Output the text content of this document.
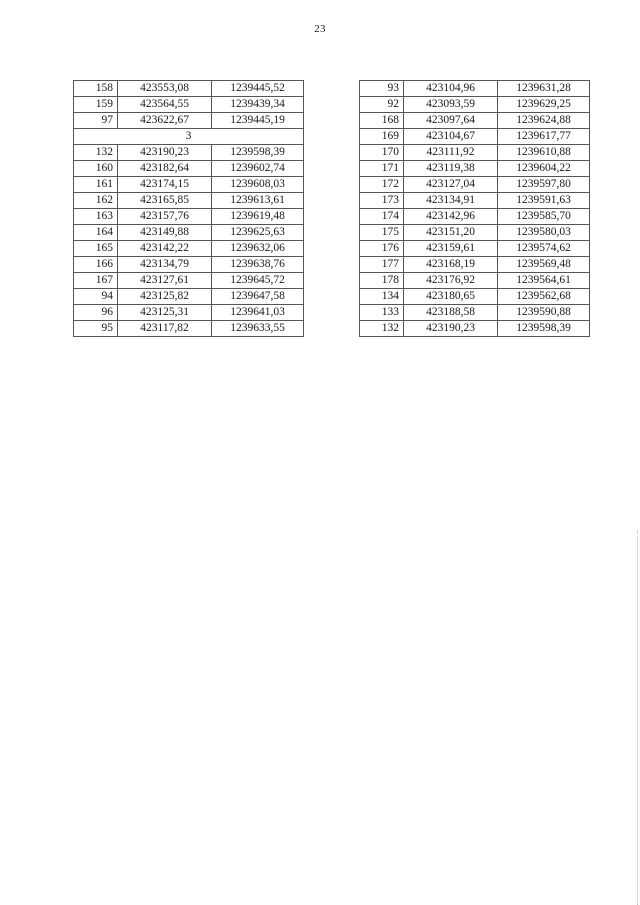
23
158	423553,08	1239445,52
159	423564,55	1239439,34
97	423622,67	1239445,19
3		
132	423190,23	1239598,39
160	423182,64	1239602,74
161	423174,15	1239608,03
162	423165,85	1239613,61
163	423157,76	1239619,48
164	423149,88	1239625,63
165	423142,22	1239632,06
166	423134,79	1239638,76
167	423127,61	1239645,72
94	423125,82	1239647,58
96	423125,31	1239641,03
95	423117,82	1239633,55
93	423104,96	1239631,28
92	423093,59	1239629,25
168	423097,64	1239624,88
169	423104,67	1239617,77
170	423111,92	1239610,88
171	423119,38	1239604,22
172	423127,04	1239597,80
173	423134,91	1239591,63
174	423142,96	1239585,70
175	423151,20	1239580,03
176	423159,61	1239574,62
177	423168,19	1239569,48
178	423176,92	1239564,61
134	423180,65	1239562,68
133	423188,58	1239590,88
132	423190,23	1239598,39
